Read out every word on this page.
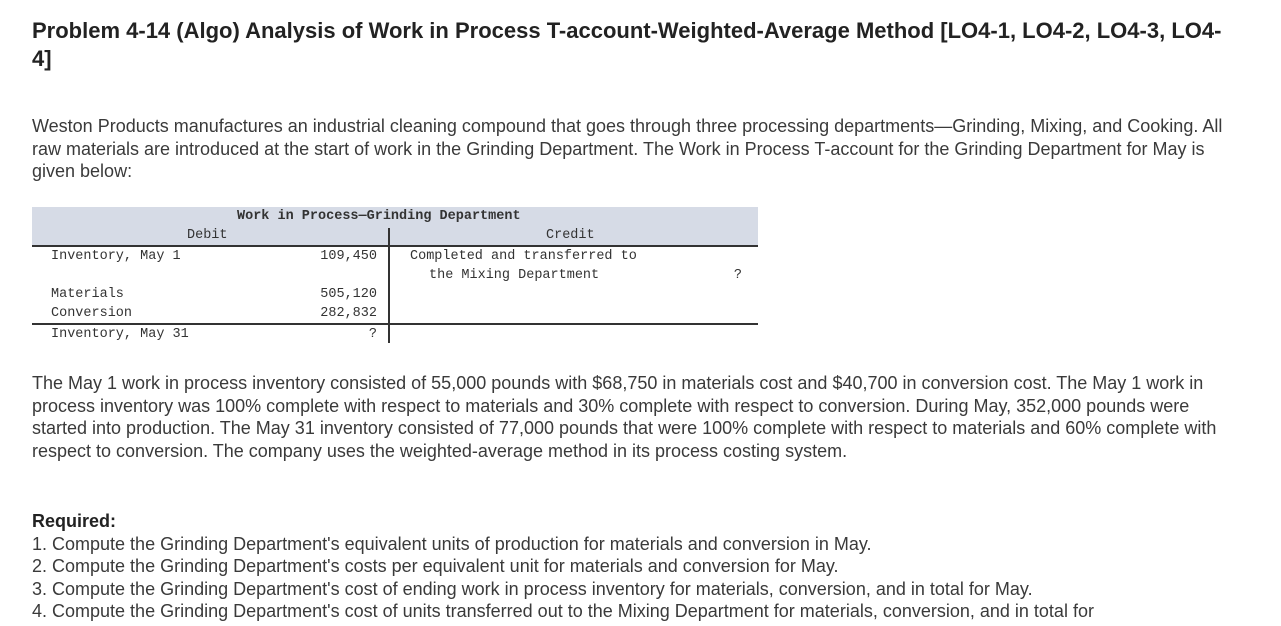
Problem 4-14 (Algo) Analysis of Work in Process T-account-Weighted-Average Method [LO4-1, LO4-2, LO4-3, LO4-4]

Weston Products manufactures an industrial cleaning compound that goes through three processing departments—Grinding, Mixing, and Cooking. All raw materials are introduced at the start of work in the Grinding Department. The Work in Process T-account for the Grinding Department for May is given below:

Work in Process—Grinding Department
Debit	Credit
Inventory, May 1	109,450
Materials	505,120
Conversion	282,832
Inventory, May 31	?
Completed and transferred to
the Mixing Department	?

The May 1 work in process inventory consisted of 55,000 pounds with $68,750 in materials cost and $40,700 in conversion cost. The May 1 work in process inventory was 100% complete with respect to materials and 30% complete with respect to conversion. During May, 352,000 pounds were started into production. The May 31 inventory consisted of 77,000 pounds that were 100% complete with respect to materials and 60% complete with respect to conversion. The company uses the weighted-average method in its process costing system.

Required:
1. Compute the Grinding Department's equivalent units of production for materials and conversion in May.
2. Compute the Grinding Department's costs per equivalent unit for materials and conversion for May.
3. Compute the Grinding Department's cost of ending work in process inventory for materials, conversion, and in total for May.
4. Compute the Grinding Department's cost of units transferred out to the Mixing Department for materials, conversion, and in total for
